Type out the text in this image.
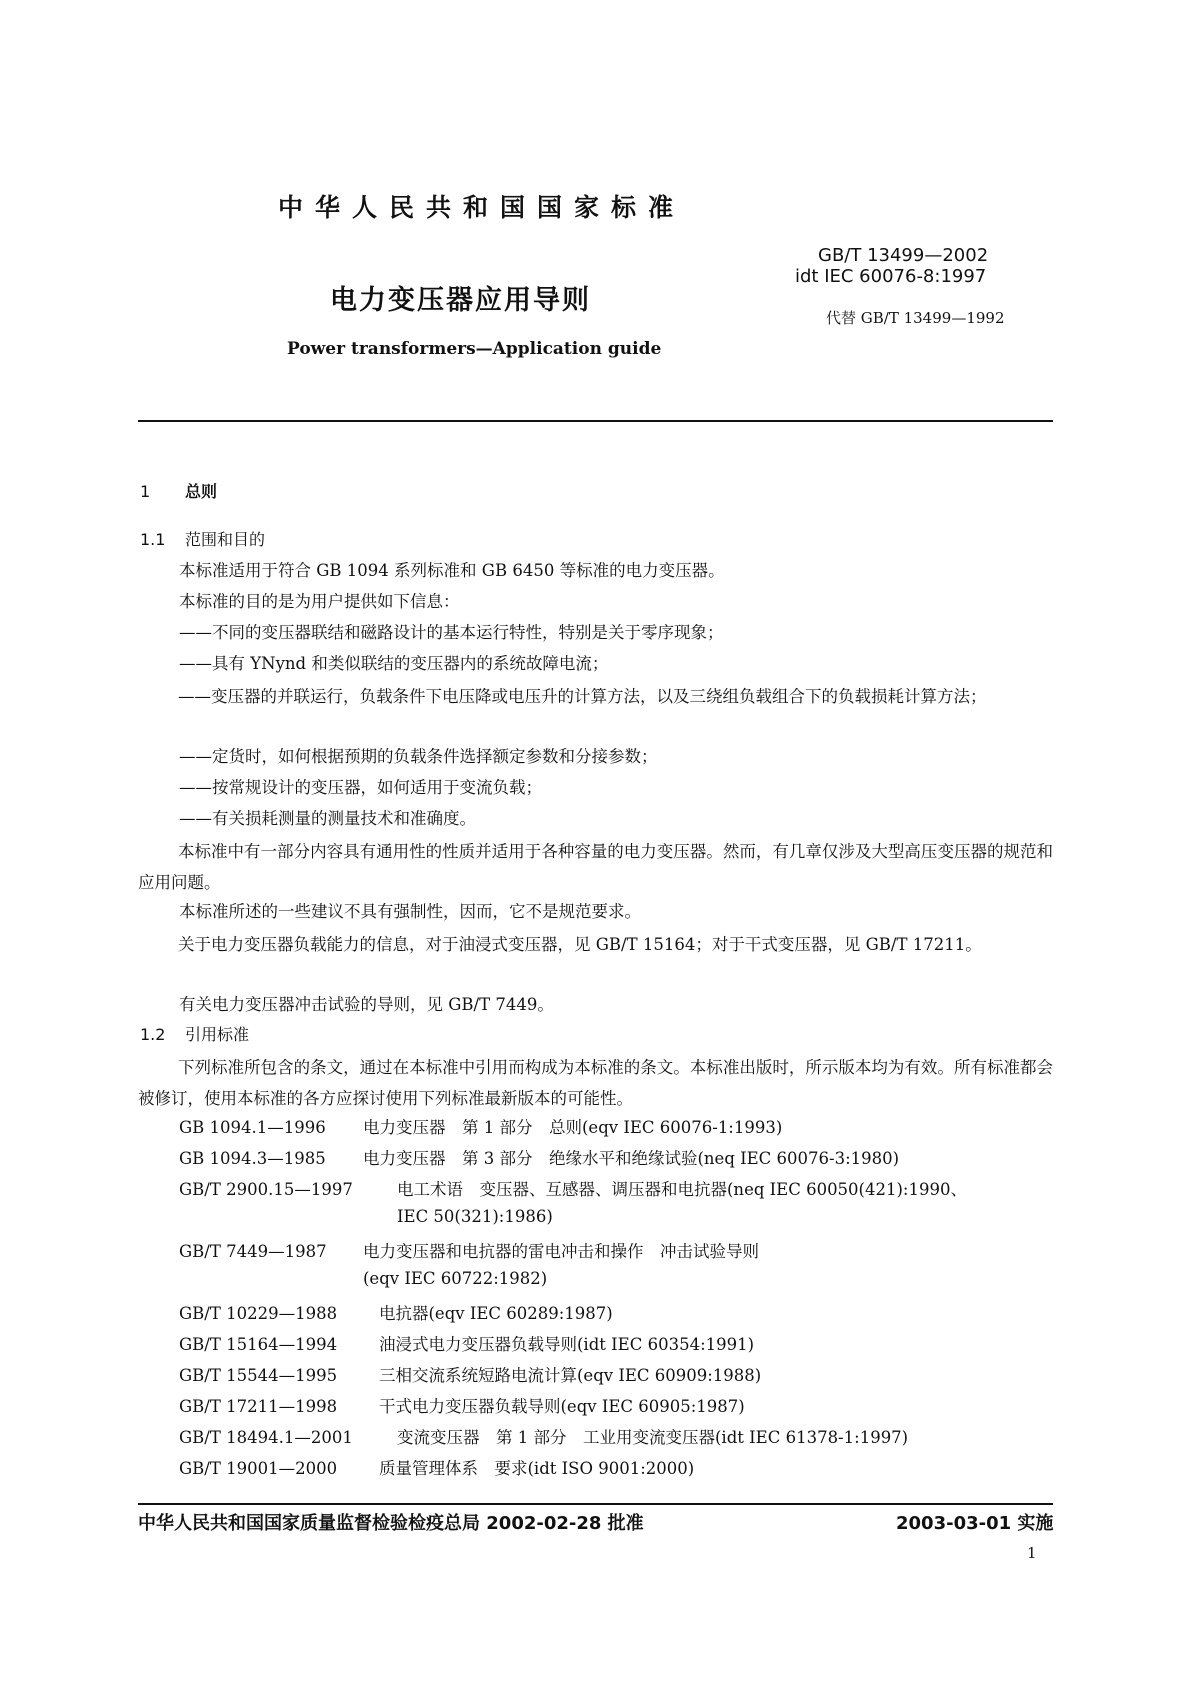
中华人民共和国国家标准
GB/T 13499—2002
idt IEC 60076-8:1997
代替 GB/T 13499—1992
电力变压器应用导则
Power transformers—Application guide
1 总则
1.1 范围和目的
本标准适用于符合 GB 1094 系列标准和 GB 6450 等标准的电力变压器。
本标准的目的是为用户提供如下信息：
——不同的变压器联结和磁路设计的基本运行特性，特别是关于零序现象；
——具有 YNynd 和类似联结的变压器内的系统故障电流；

——变压器的并联运行，负载条件下电压降或电压升的计算方法，以及三绕组负载组合下的负载损耗计算方法；

——定货时，如何根据预期的负载条件选择额定参数和分接参数；
——按常规设计的变压器，如何适用于变流负载；
——有关损耗测量的测量技术和准确度。

本标准中有一部分内容具有通用性的性质并适用于各种容量的电力变压器。然而，有几章仅涉及大型高压变压器的规范和应用问题。

本标准所述的一些建议不具有强制性，因而，它不是规范要求。

关于电力变压器负载能力的信息，对于油浸式变压器，见 GB/T 15164；对于干式变压器，见 GB/T 17211。

有关电力变压器冲击试验的导则，见 GB/T 7449。
1.2 引用标准

下列标准所包含的条文，通过在本标准中引用而构成为本标准的条文。本标准出版时，所示版本均为有效。所有标准都会被修订，使用本标准的各方应探讨使用下列标准最新版本的可能性。

GB 1094.1—1996 电力变压器　第 1 部分　总则(eqv IEC 60076-1:1993)
GB 1094.3—1985 电力变压器　第 3 部分　绝缘水平和绝缘试验(neq IEC 60076-3:1980)
GB/T 2900.15—1997	电工术语　变压器、互感器、调压器和电抗器(neq IEC 60050(421):1990、
IEC 50(321):1986)
GB/T 7449—1987 电力变压器和电抗器的雷电冲击和操作　冲击试验导则
(eqv IEC 60722:1982)
GB/T 10229—1988	电抗器(eqv IEC 60289:1987)
GB/T 15164—1994	油浸式电力变压器负载导则(idt IEC 60354:1991)
GB/T 15544—1995	三相交流系统短路电流计算(eqv IEC 60909:1988)
GB/T 17211—1998	干式电力变压器负载导则(eqv IEC 60905:1987)
GB/T 18494.1—2001	变流变压器　第 1 部分　工业用变流变压器(idt IEC 61378-1:1997)
GB/T 19001—2000	质量管理体系　要求(idt ISO 9001:2000)
中华人民共和国国家质量监督检验检疫总局 2002-02-28 批准	2003-03-01 实施
1
